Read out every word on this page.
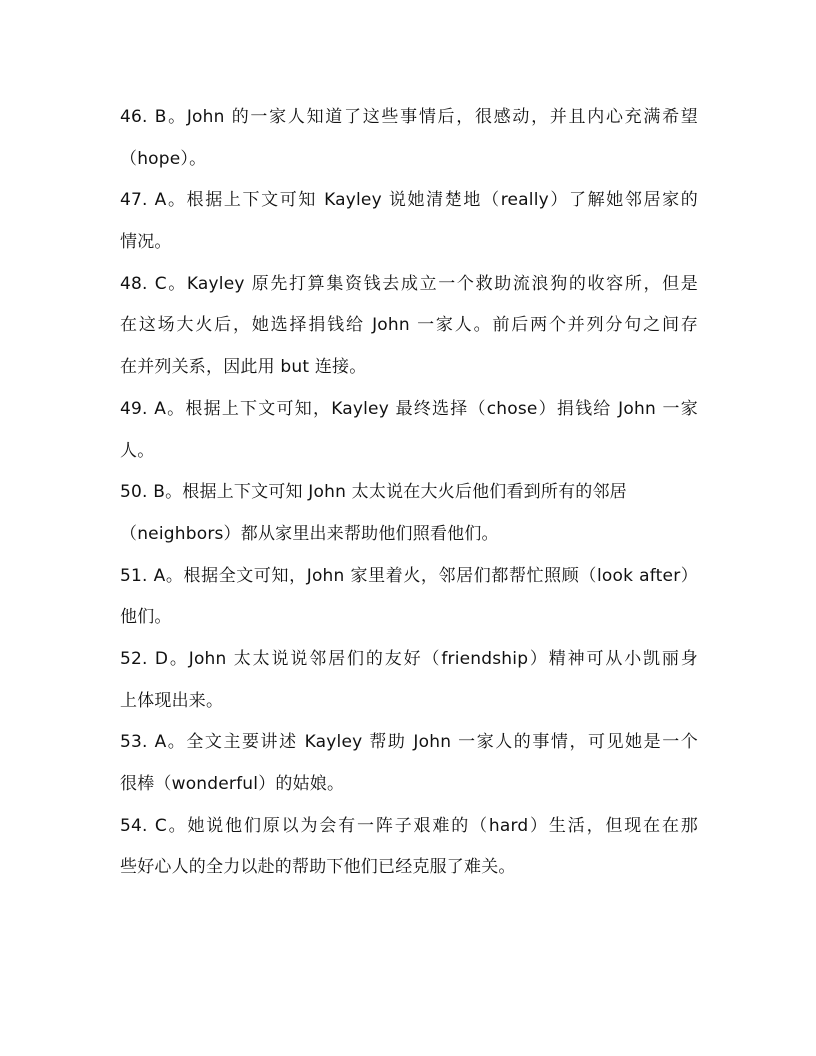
46. B。John 的一家人知道了这些事情后，很感动，并且内心充满希望
（hope）。
47. A。根据上下文可知 Kayley 说她清楚地（really）了解她邻居家的
情况。
48. C。Kayley 原先打算集资钱去成立一个救助流浪狗的收容所，但是
在这场大火后，她选择捐钱给 John 一家人。前后两个并列分句之间存
在并列关系，因此用 but 连接。
49. A。根据上下文可知，Kayley 最终选择（chose）捐钱给 John 一家
人。
50. B。根据上下文可知 John 太太说在大火后他们看到所有的邻居
（neighbors）都从家里出来帮助他们照看他们。
51. A。根据全文可知，John 家里着火，邻居们都帮忙照顾（look after）
他们。
52. D。John 太太说说邻居们的友好（friendship）精神可从小凯丽身
上体现出来。
53. A。全文主要讲述 Kayley 帮助 John 一家人的事情，可见她是一个
很棒（wonderful）的姑娘。
54. C。她说他们原以为会有一阵子艰难的（hard）生活，但现在在那
些好心人的全力以赴的帮助下他们已经克服了难关。
